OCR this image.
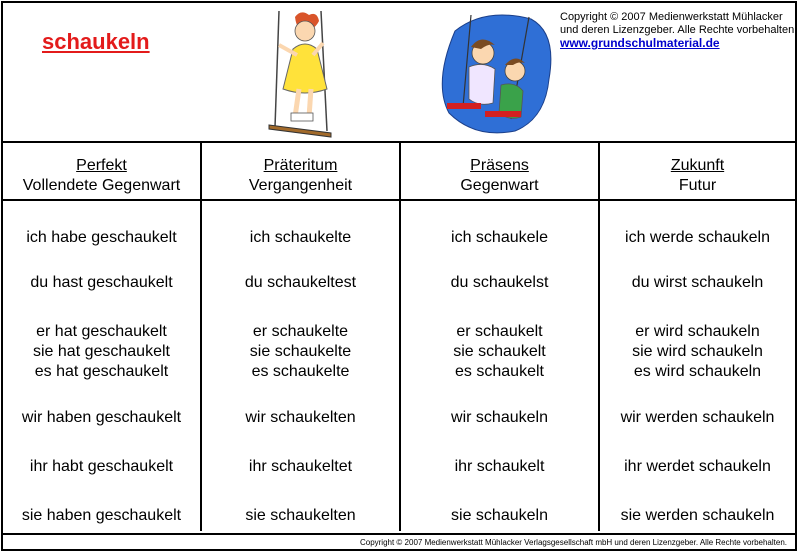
schaukeln
Copyright © 2007 Medienwerkstatt Mühlacker
und deren Lizenzgeber. Alle Rechte vorbehalten.
www.grundschulmaterial.de
Perfekt
Vollendete Gegenwart
ich habe geschaukelt
du hast geschaukelt
er hat geschaukelt
sie hat geschaukelt
es hat geschaukelt
wir haben geschaukelt
ihr habt geschaukelt
sie haben geschaukelt
Präteritum
Vergangenheit
ich schaukelte
du schaukeltest
er schaukelte
sie schaukelte
es schaukelte
wir schaukelten
ihr schaukeltet
sie schaukelten
Präsens
Gegenwart
ich schaukele
du schaukelst
er schaukelt
sie schaukelt
es schaukelt
wir schaukeln
ihr schaukelt
sie schaukeln
Zukunft
Futur
ich werde schaukeln
du wirst schaukeln
er wird schaukeln
sie wird schaukeln
es wird schaukeln
wir werden schaukeln
ihr werdet schaukeln
sie werden schaukeln
Copyright © 2007 Medienwerkstatt Mühlacker Verlagsgesellschaft mbH und deren Lizenzgeber. Alle Rechte vorbehalten.
